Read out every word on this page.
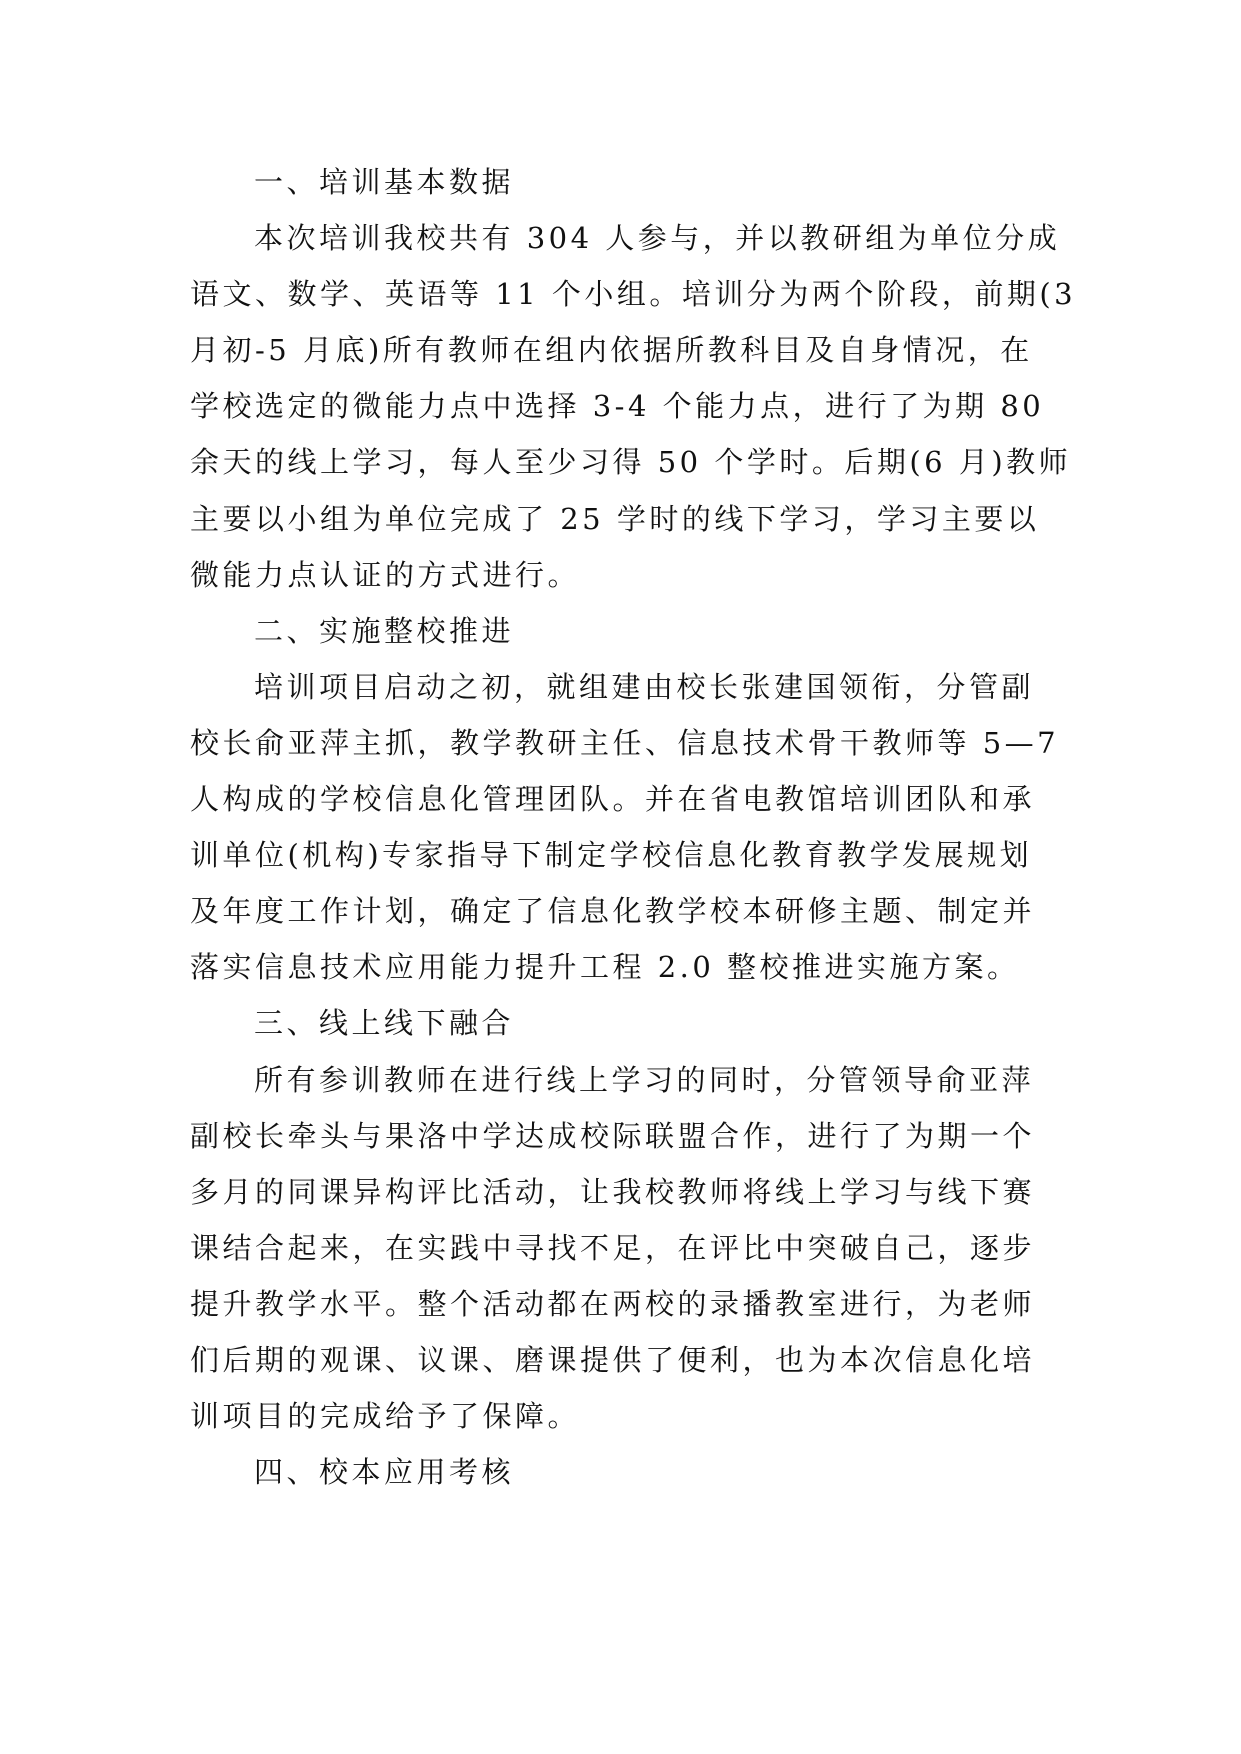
一、培训基本数据
本次培训我校共有 304 人参与，并以教研组为单位分成
语文、数学、英语等 11 个小组。培训分为两个阶段，前期(3
月初-5 月底)所有教师在组内依据所教科目及自身情况，在
学校选定的微能力点中选择 3-4 个能力点，进行了为期 80
余天的线上学习，每人至少习得 50 个学时。后期(6 月)教师
主要以小组为单位完成了 25 学时的线下学习，学习主要以
微能力点认证的方式进行。
二、实施整校推进
培训项目启动之初，就组建由校长张建国领衔，分管副
校长俞亚萍主抓，教学教研主任、信息技术骨干教师等 5—7
人构成的学校信息化管理团队。并在省电教馆培训团队和承
训单位(机构)专家指导下制定学校信息化教育教学发展规划
及年度工作计划，确定了信息化教学校本研修主题、制定并
落实信息技术应用能力提升工程 2.0 整校推进实施方案。
三、线上线下融合
所有参训教师在进行线上学习的同时，分管领导俞亚萍
副校长牵头与果洛中学达成校际联盟合作，进行了为期一个
多月的同课异构评比活动，让我校教师将线上学习与线下赛
课结合起来，在实践中寻找不足，在评比中突破自己，逐步
提升教学水平。整个活动都在两校的录播教室进行，为老师
们后期的观课、议课、磨课提供了便利，也为本次信息化培
训项目的完成给予了保障。
四、校本应用考核
